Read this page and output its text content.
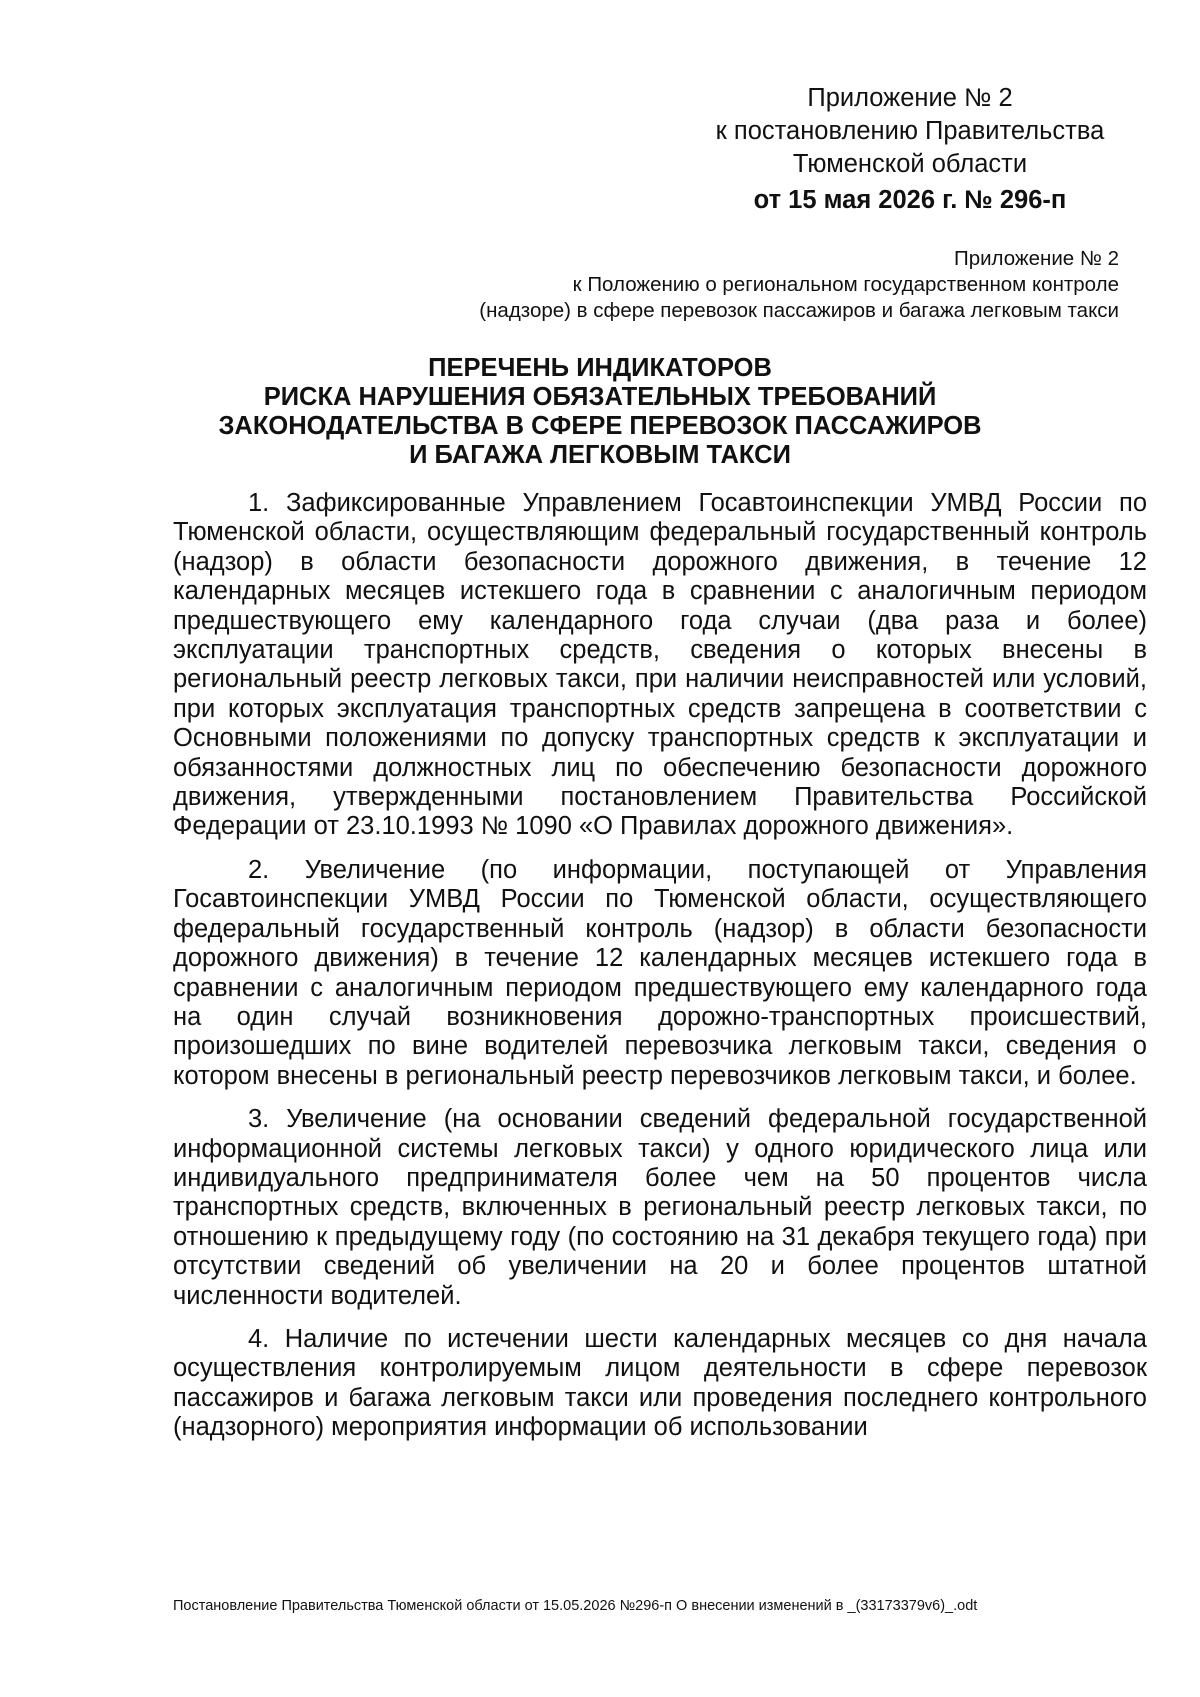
Приложение № 2
к постановлению Правительства
Тюменской области
от 15 мая 2026 г. № 296-п
Приложение № 2
к Положению о региональном государственном контроле
(надзоре) в сфере перевозок пассажиров и багажа легковым такси
ПЕРЕЧЕНЬ ИНДИКАТОРОВ
РИСКА НАРУШЕНИЯ ОБЯЗАТЕЛЬНЫХ ТРЕБОВАНИЙ
ЗАКОНОДАТЕЛЬСТВА В СФЕРЕ ПЕРЕВОЗОК ПАССАЖИРОВ
И БАГАЖА ЛЕГКОВЫМ ТАКСИ

1. Зафиксированные Управлением Госавтоинспекции УМВД России по Тюменской области, осуществляющим федеральный государственный контроль (надзор) в области безопасности дорожного движения, в течение 12 календарных месяцев истекшего года в сравнении с аналогичным периодом предшествующего ему календарного года случаи (два раза и более) эксплуатации транспортных средств, сведения о которых внесены в региональный реестр легковых такси, при наличии неисправностей или условий, при которых эксплуатация транспортных средств запрещена в соответствии с Основными положениями по допуску транспортных средств к эксплуатации и обязанностями должностных лиц по обеспечению безопасности дорожного движения, утвержденными постановлением Правительства Российской Федерации от 23.10.1993 № 1090 «О Правилах дорожного движения».

2. Увеличение (по информации, поступающей от Управления Госавтоинспекции УМВД России по Тюменской области, осуществляющего федеральный государственный контроль (надзор) в области безопасности дорожного движения) в течение 12 календарных месяцев истекшего года в сравнении с аналогичным периодом предшествующего ему календарного года на один случай возникновения дорожно-транспортных происшествий, произошедших по вине водителей перевозчика легковым такси, сведения о котором внесены в региональный реестр перевозчиков легковым такси, и более.

3. Увеличение (на основании сведений федеральной государственной информационной системы легковых такси) у одного юридического лица или индивидуального предпринимателя более чем на 50 процентов числа транспортных средств, включенных в региональный реестр легковых такси, по отношению к предыдущему году (по состоянию на 31 декабря текущего года) при отсутствии сведений об увеличении на 20 и более процентов штатной численности водителей.

4. Наличие по истечении шести календарных месяцев со дня начала осуществления контролируемым лицом деятельности в сфере перевозок пассажиров и багажа легковым такси или проведения последнего контрольного (надзорного) мероприятия информации об использовании

Постановление Правительства Тюменской области от 15.05.2026 №296-п О внесении изменений в _(33173379v6)_.odt
